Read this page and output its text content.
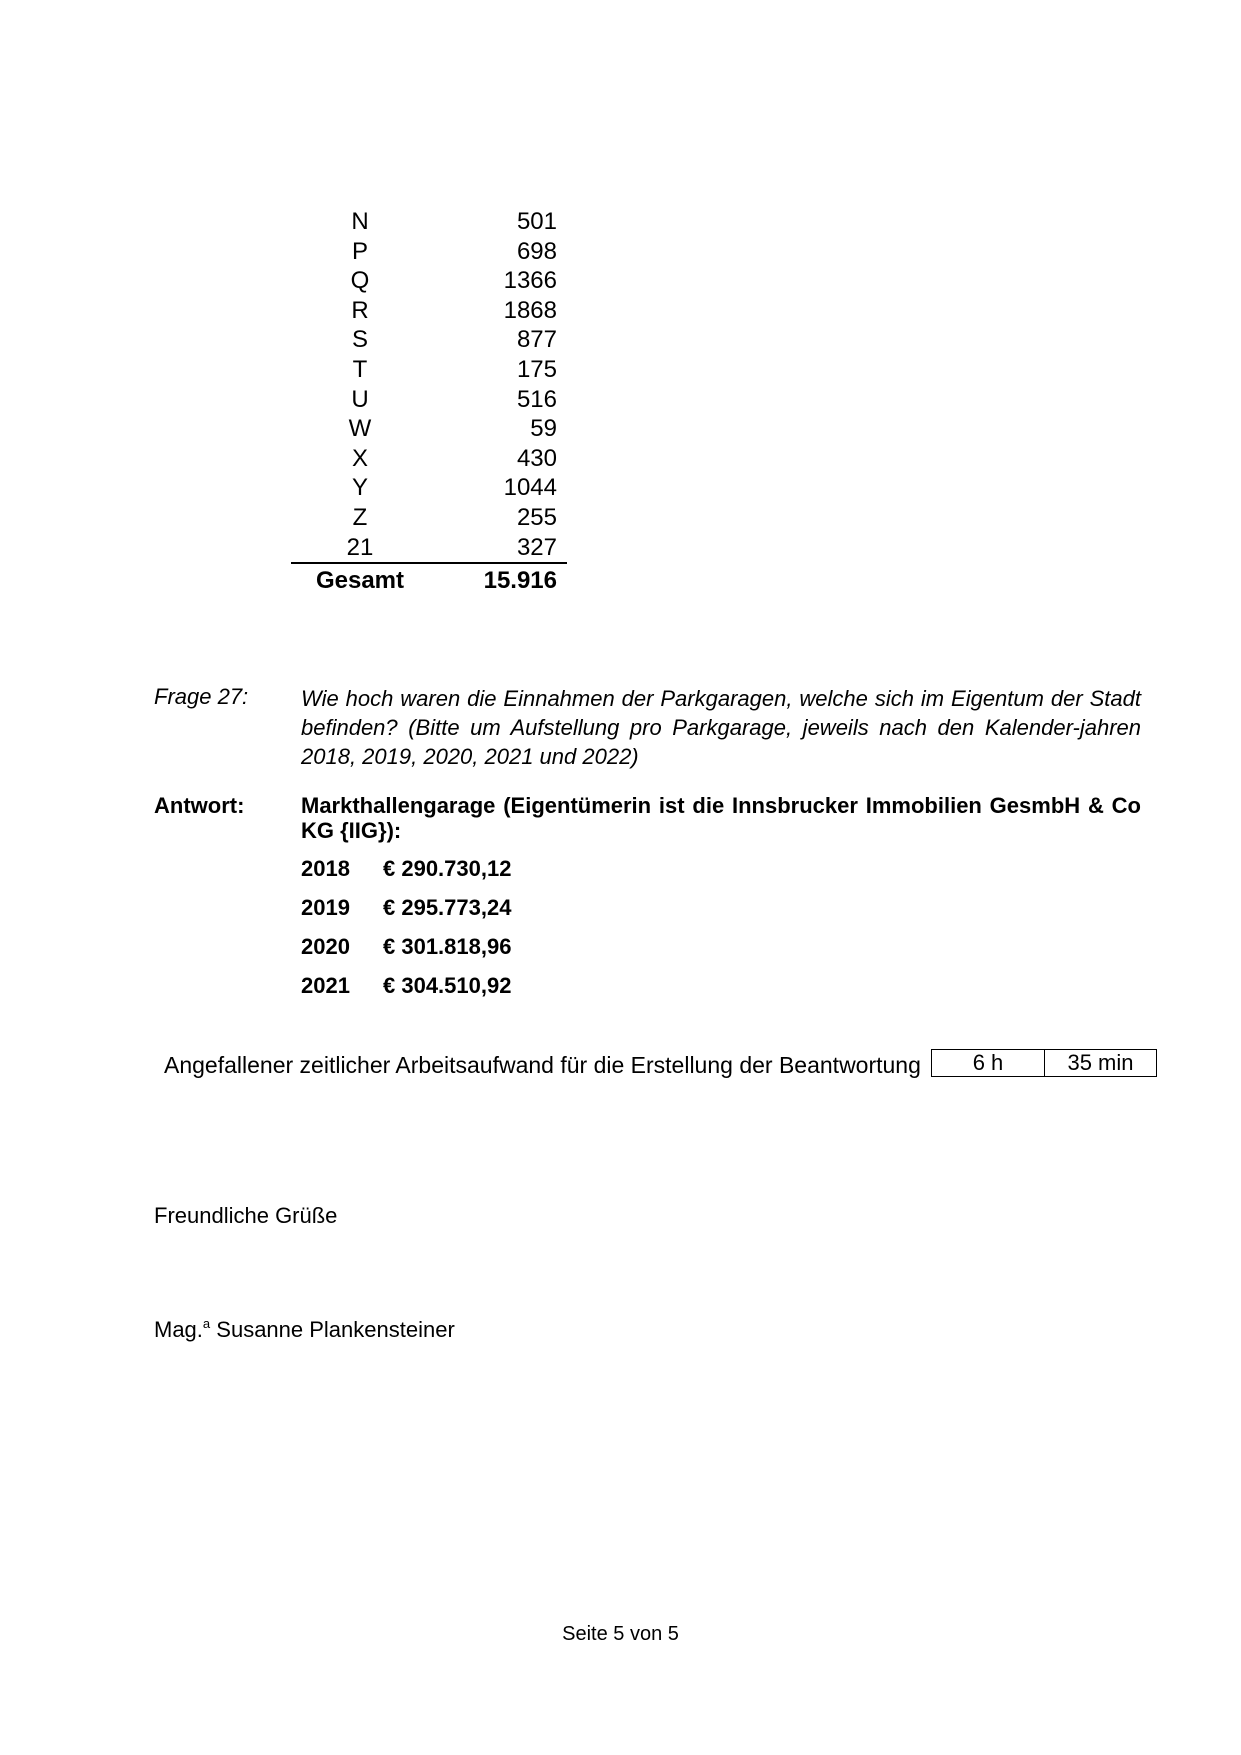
N	501
P	698
Q	1366
R	1868
S	877
T	175
U	516
W	59
X	430
Y	1044
Z	255
21	327
Gesamt	15.916
Frage 27: Wie hoch waren die Einnahmen der Parkgaragen, welche sich im Eigentum der Stadt befinden? (Bitte um Aufstellung pro Parkgarage, jeweils nach den Kalender-jahren 2018, 2019, 2020, 2021 und 2022)

Antwort:	Markthallengarage (Eigentümerin ist die Innsbrucker Immobilien GesmbH & Co KG {IIG}):

2018	€ 290.730,12
2019	€ 295.773,24
2020	€ 301.818,96
2021	€ 304.510,92
Angefallener zeitlicher Arbeitsaufwand für die Erstellung der Beantwortung 6 h	35 min
Freundliche Grüße
Mag.$^a$ Susanne Plankensteiner
Seite 5 von 5
